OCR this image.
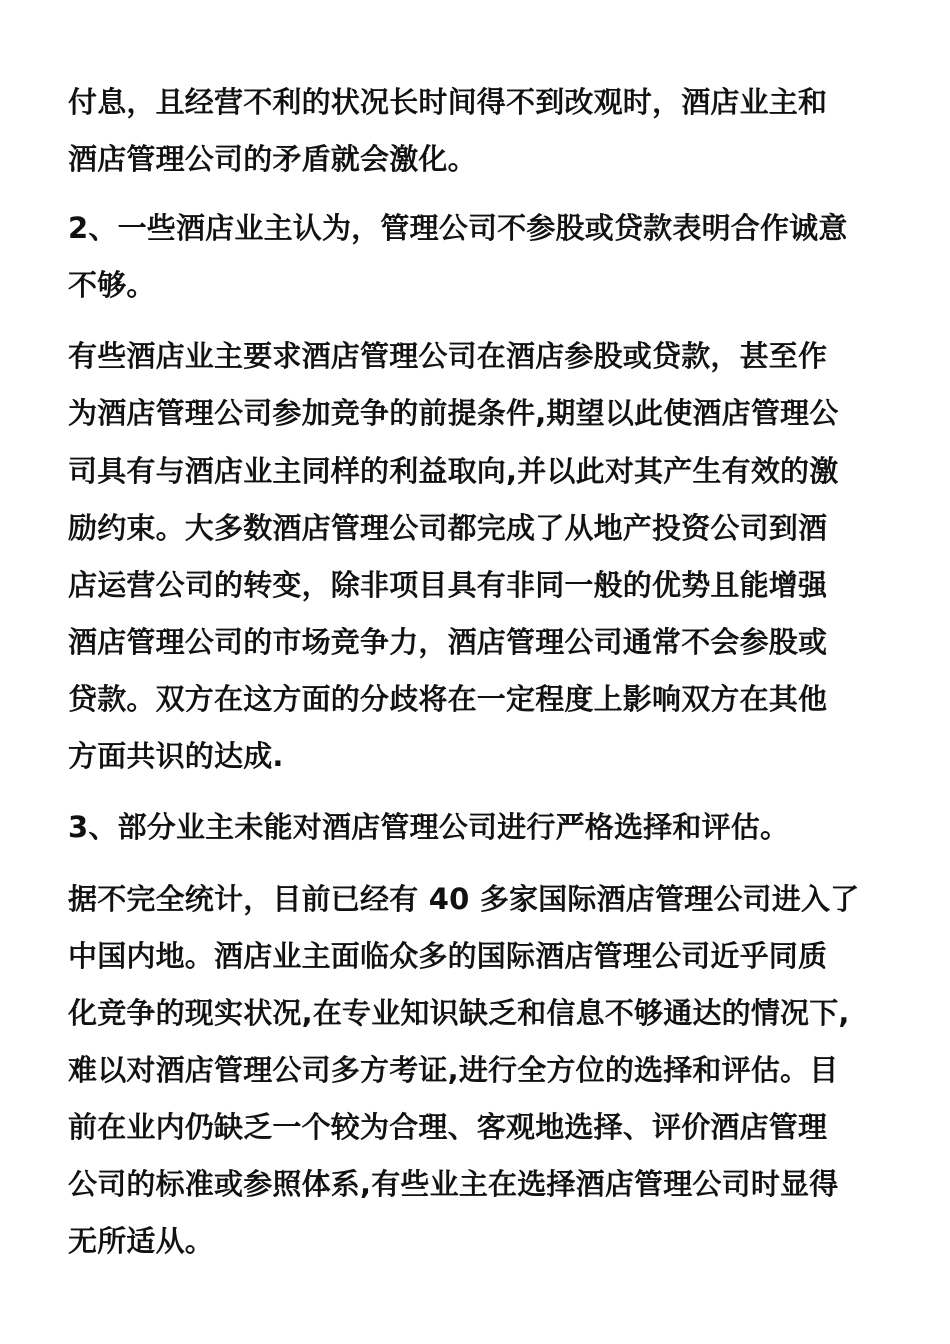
付息，且经营不利的状况长时间得不到改观时，酒店业主和
酒店管理公司的矛盾就会激化。
2、一些酒店业主认为，管理公司不参股或贷款表明合作诚意
不够。
有些酒店业主要求酒店管理公司在酒店参股或贷款，甚至作
为酒店管理公司参加竞争的前提条件,期望以此使酒店管理公
司具有与酒店业主同样的利益取向,并以此对其产生有效的激
励约束。大多数酒店管理公司都完成了从地产投资公司到酒
店运营公司的转变，除非项目具有非同一般的优势且能增强
酒店管理公司的市场竞争力，酒店管理公司通常不会参股或
贷款。双方在这方面的分歧将在一定程度上影响双方在其他
方面共识的达成.
3、部分业主未能对酒店管理公司进行严格选择和评估。
据不完全统计，目前已经有 40 多家国际酒店管理公司进入了
中国内地。酒店业主面临众多的国际酒店管理公司近乎同质
化竞争的现实状况,在专业知识缺乏和信息不够通达的情况下,
难以对酒店管理公司多方考证,进行全方位的选择和评估。目
前在业内仍缺乏一个较为合理、客观地选择、评价酒店管理
公司的标准或参照体系,有些业主在选择酒店管理公司时显得
无所适从。
